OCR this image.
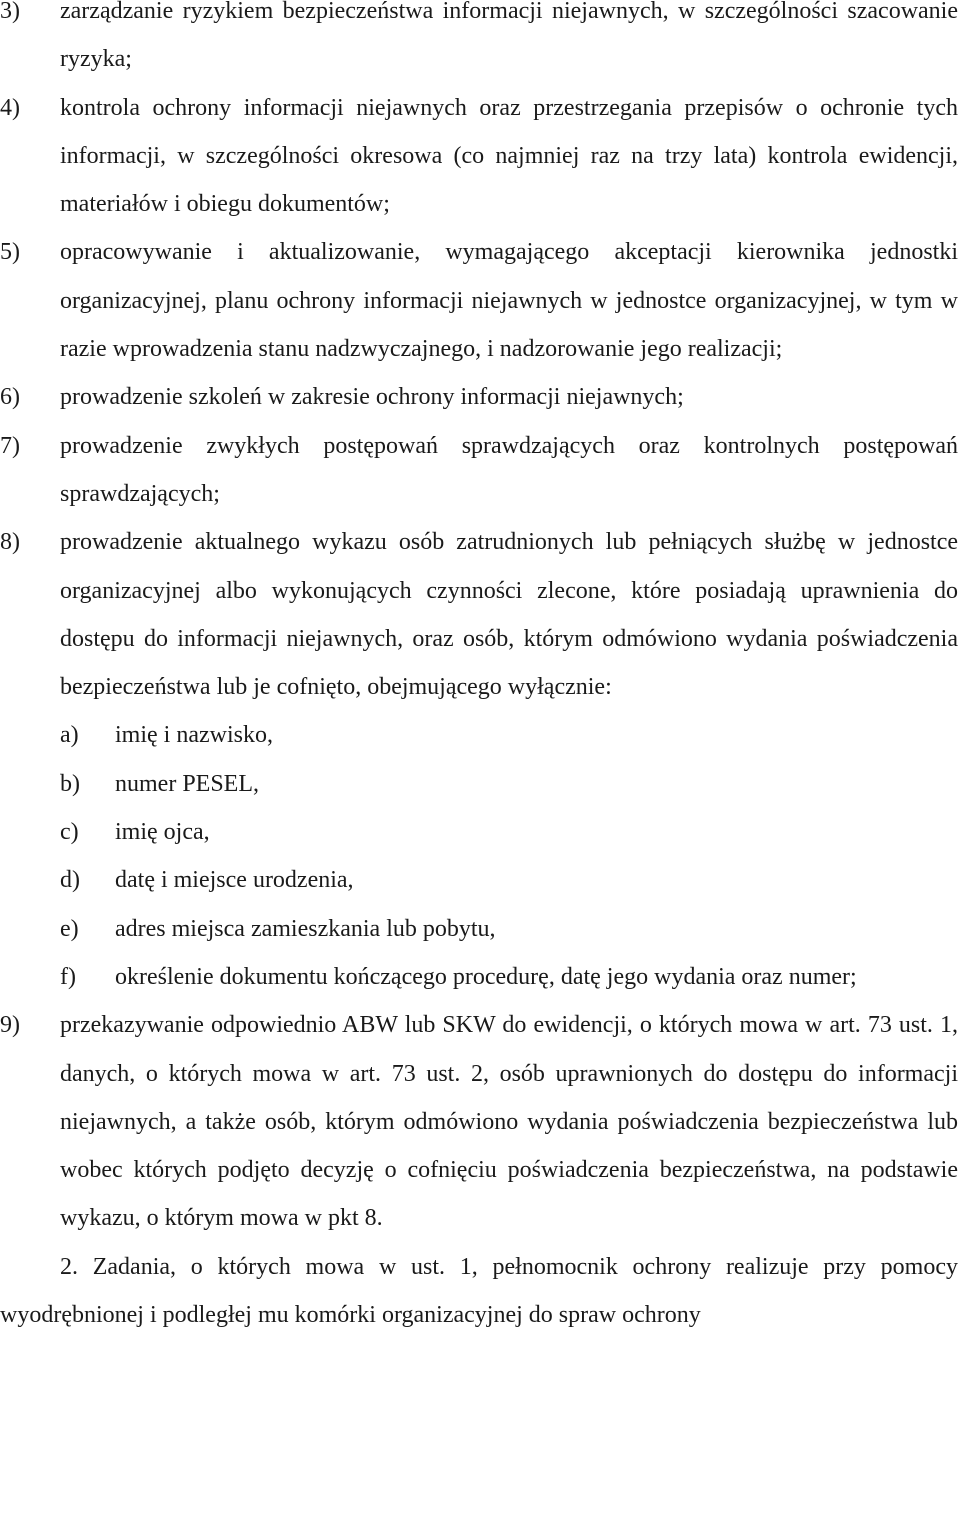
3) zarządzanie ryzykiem bezpieczeństwa informacji niejawnych, w szczególności szacowanie ryzyka;
4) kontrola ochrony informacji niejawnych oraz przestrzegania przepisów o ochronie tych informacji, w szczególności okresowa (co najmniej raz na trzy lata) kontrola ewidencji, materiałów i obiegu dokumentów;
5) opracowywanie i aktualizowanie, wymagającego akceptacji kierownika jednostki organizacyjnej, planu ochrony informacji niejawnych w jednostce organizacyjnej, w tym w razie wprowadzenia stanu nadzwyczajnego, i nadzorowanie jego realizacji;
6) prowadzenie szkoleń w zakresie ochrony informacji niejawnych;
7) prowadzenie zwykłych postępowań sprawdzających oraz kontrolnych postępowań sprawdzających;
8) prowadzenie aktualnego wykazu osób zatrudnionych lub pełniących służbę w jednostce organizacyjnej albo wykonujących czynności zlecone, które posiadają uprawnienia do dostępu do informacji niejawnych, oraz osób, którym odmówiono wydania poświadczenia bezpieczeństwa lub je cofnięto, obejmującego wyłącznie:
a) imię i nazwisko,
b) numer PESEL,
c) imię ojca,
d) datę i miejsce urodzenia,
e) adres miejsca zamieszkania lub pobytu,
f) określenie dokumentu kończącego procedurę, datę jego wydania oraz numer;
9) przekazywanie odpowiednio ABW lub SKW do ewidencji, o których mowa w art. 73 ust. 1, danych, o których mowa w art. 73 ust. 2, osób uprawnionych do dostępu do informacji niejawnych, a także osób, którym odmówiono wydania poświadczenia bezpieczeństwa lub wobec których podjęto decyzję o cofnięciu poświadczenia bezpieczeństwa, na podstawie wykazu, o którym mowa w pkt 8.
2. Zadania, o których mowa w ust. 1, pełnomocnik ochrony realizuje przy pomocy wyodrębnionej i podległej mu komórki organizacyjnej do spraw ochrony
